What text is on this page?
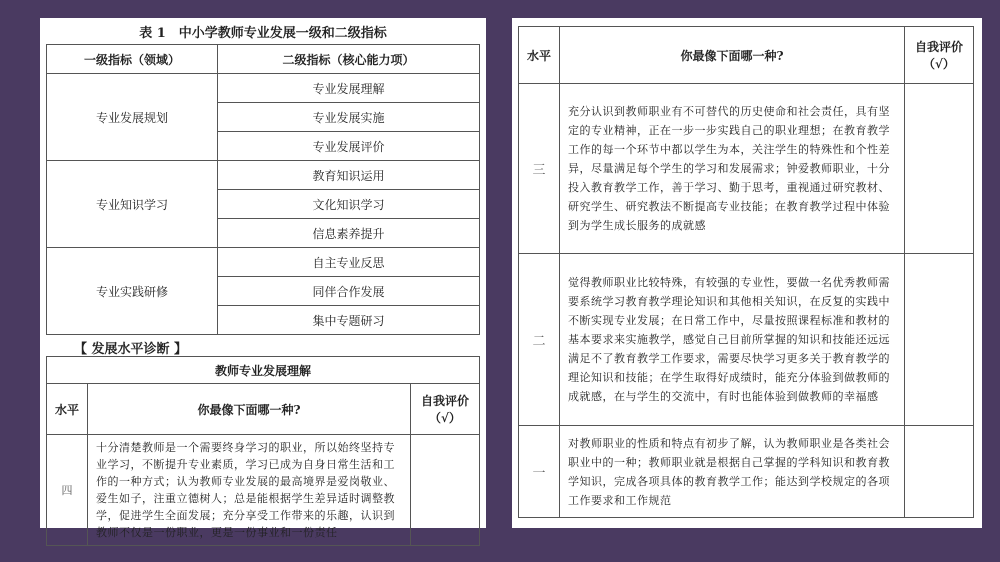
表 1　中小学教师专业发展一级和二级指标
一级指标（领域）	二级指标（核心能力项）
专业发展规划	专业发展理解
	专业发展实施
	专业发展评价
专业知识学习	教育知识运用
	文化知识学习
	信息素养提升
专业实践研修	自主专业反思
	同伴合作发展
	集中专题研习
【 发展水平诊断 】
教师专业发展理解		
水平	你最像下面哪一种?	自我评价
（√）

四	十分清楚教师是一个需要终身学习的职业，所以始终坚持专业学习，不断提升专业素质，学习已成为自身日常生活和工作的一种方式；认为教师专业发展的最高境界是爱岗敬业、爱生如子，注重立德树人；总是能根据学生差异适时调整教学，促进学生全面发展；充分享受工作带来的乐趣，认识到教师不仅是一份职业，更是一份事业和一份责任	
水平	你最像下面哪一种?	自我评价
（√）

三	充分认识到教师职业有不可替代的历史使命和社会责任，具有坚定的专业精神，正在一步一步实践自己的职业理想；在教育教学工作的每一个环节中都以学生为本，关注学生的特殊性和个性差异，尽量满足每个学生的学习和发展需求；钟爱教师职业，十分投入教育教学工作，善于学习、勤于思考，重视通过研究教材、研究学生、研究教法不断提高专业技能；在教育教学过程中体验到为学生成长服务的成就感	
二	觉得教师职业比较特殊，有较强的专业性，要做一名优秀教师需要系统学习教育教学理论知识和其他相关知识，在反复的实践中不断实现专业发展；在日常工作中，尽量按照课程标准和教材的基本要求来实施教学，感觉自己目前所掌握的知识和技能还远远满足不了教育教学工作要求，需要尽快学习更多关于教育教学的理论知识和技能；在学生取得好成绩时，能充分体验到做教师的成就感，在与学生的交流中，有时也能体验到做教师的幸福感	
一	对教师职业的性质和特点有初步了解，认为教师职业是各类社会职业中的一种；教师职业就是根据自己掌握的学科知识和教育教学知识，完成各项具体的教育教学工作；能达到学校规定的各项工作要求和工作规范	
